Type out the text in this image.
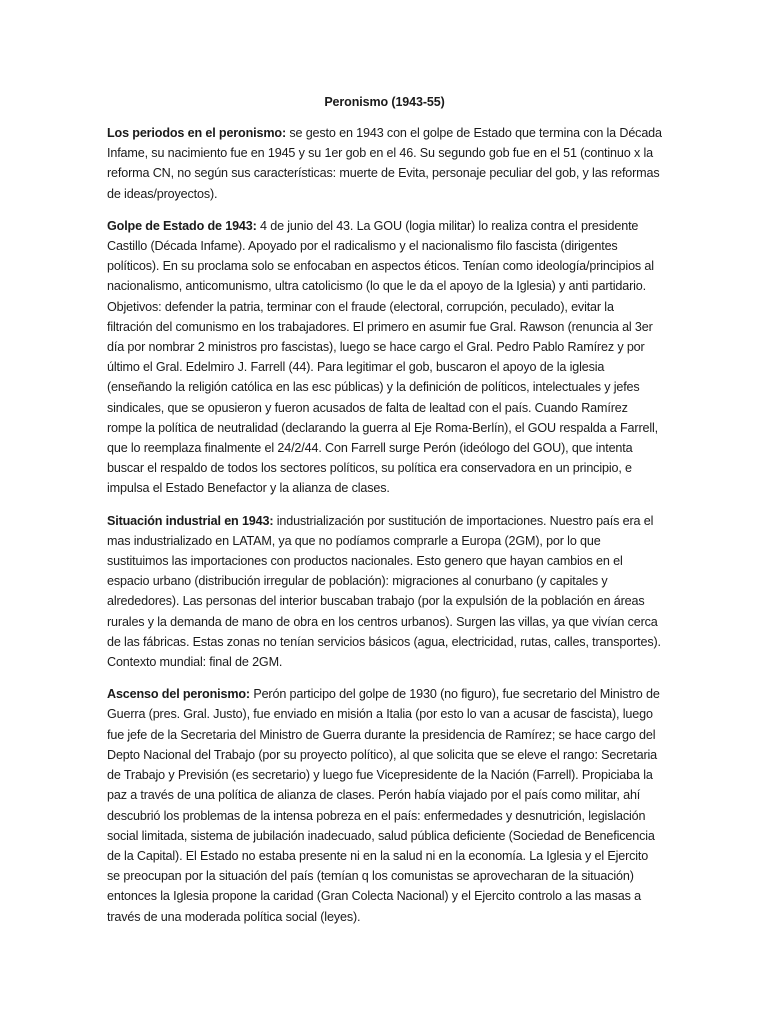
Peronismo (1943-55)

Los periodos en el peronismo: se gesto en 1943 con el golpe de Estado que termina con la Década Infame, su nacimiento fue en 1945 y su 1er gob en el 46. Su segundo gob fue en el 51 (continuo x la reforma CN, no según sus características: muerte de Evita, personaje peculiar del gob, y las reformas de ideas/proyectos).

Golpe de Estado de 1943: 4 de junio del 43. La GOU (logia militar) lo realiza contra el presidente Castillo (Década Infame). Apoyado por el radicalismo y el nacionalismo filo fascista (dirigentes políticos). En su proclama solo se enfocaban en aspectos éticos. Tenían como ideología/principios al nacionalismo, anticomunismo, ultra catolicismo (lo que le da el apoyo de la Iglesia) y anti partidario. Objetivos: defender la patria, terminar con el fraude (electoral, corrupción, peculado), evitar la filtración del comunismo en los trabajadores. El primero en asumir fue Gral. Rawson (renuncia al 3er día por nombrar 2 ministros pro fascistas), luego se hace cargo el Gral. Pedro Pablo Ramírez y por último el Gral. Edelmiro J. Farrell (44). Para legitimar el gob, buscaron el apoyo de la iglesia (enseñando la religión católica en las esc públicas) y la definición de políticos, intelectuales y jefes sindicales, que se opusieron y fueron acusados de falta de lealtad con el país. Cuando Ramírez rompe la política de neutralidad (declarando la guerra al Eje Roma-Berlín), el GOU respalda a Farrell, que lo reemplaza finalmente el 24/2/44. Con Farrell surge Perón (ideólogo del GOU), que intenta buscar el respaldo de todos los sectores políticos, su política era conservadora en un principio, e impulsa el Estado Benefactor y la alianza de clases.

Situación industrial en 1943: industrialización por sustitución de importaciones. Nuestro país era el mas industrializado en LATAM, ya que no podíamos comprarle a Europa (2GM), por lo que sustituimos las importaciones con productos nacionales. Esto genero que hayan cambios en el espacio urbano (distribución irregular de población): migraciones al conurbano (y capitales y alrededores). Las personas del interior buscaban trabajo (por la expulsión de la población en áreas rurales y la demanda de mano de obra en los centros urbanos). Surgen las villas, ya que vivían cerca de las fábricas. Estas zonas no tenían servicios básicos (agua, electricidad, rutas, calles, transportes). Contexto mundial: final de 2GM.

Ascenso del peronismo: Perón participo del golpe de 1930 (no figuro), fue secretario del Ministro de Guerra (pres. Gral. Justo), fue enviado en misión a Italia (por esto lo van a acusar de fascista), luego fue jefe de la Secretaria del Ministro de Guerra durante la presidencia de Ramírez; se hace cargo del Depto Nacional del Trabajo (por su proyecto político), al que solicita que se eleve el rango: Secretaria de Trabajo y Previsión (es secretario) y luego fue Vicepresidente de la Nación (Farrell). Propiciaba la paz a través de una política de alianza de clases. Perón había viajado por el país como militar, ahí descubrió los problemas de la intensa pobreza en el país: enfermedades y desnutrición, legislación social limitada, sistema de jubilación inadecuado, salud pública deficiente (Sociedad de Beneficencia de la Capital). El Estado no estaba presente ni en la salud ni en la economía. La Iglesia y el Ejercito se preocupan por la situación del país (temían q los comunistas se aprovecharan de la situación) entonces la Iglesia propone la caridad (Gran Colecta Nacional) y el Ejercito controlo a las masas a través de una moderada política social (leyes).
